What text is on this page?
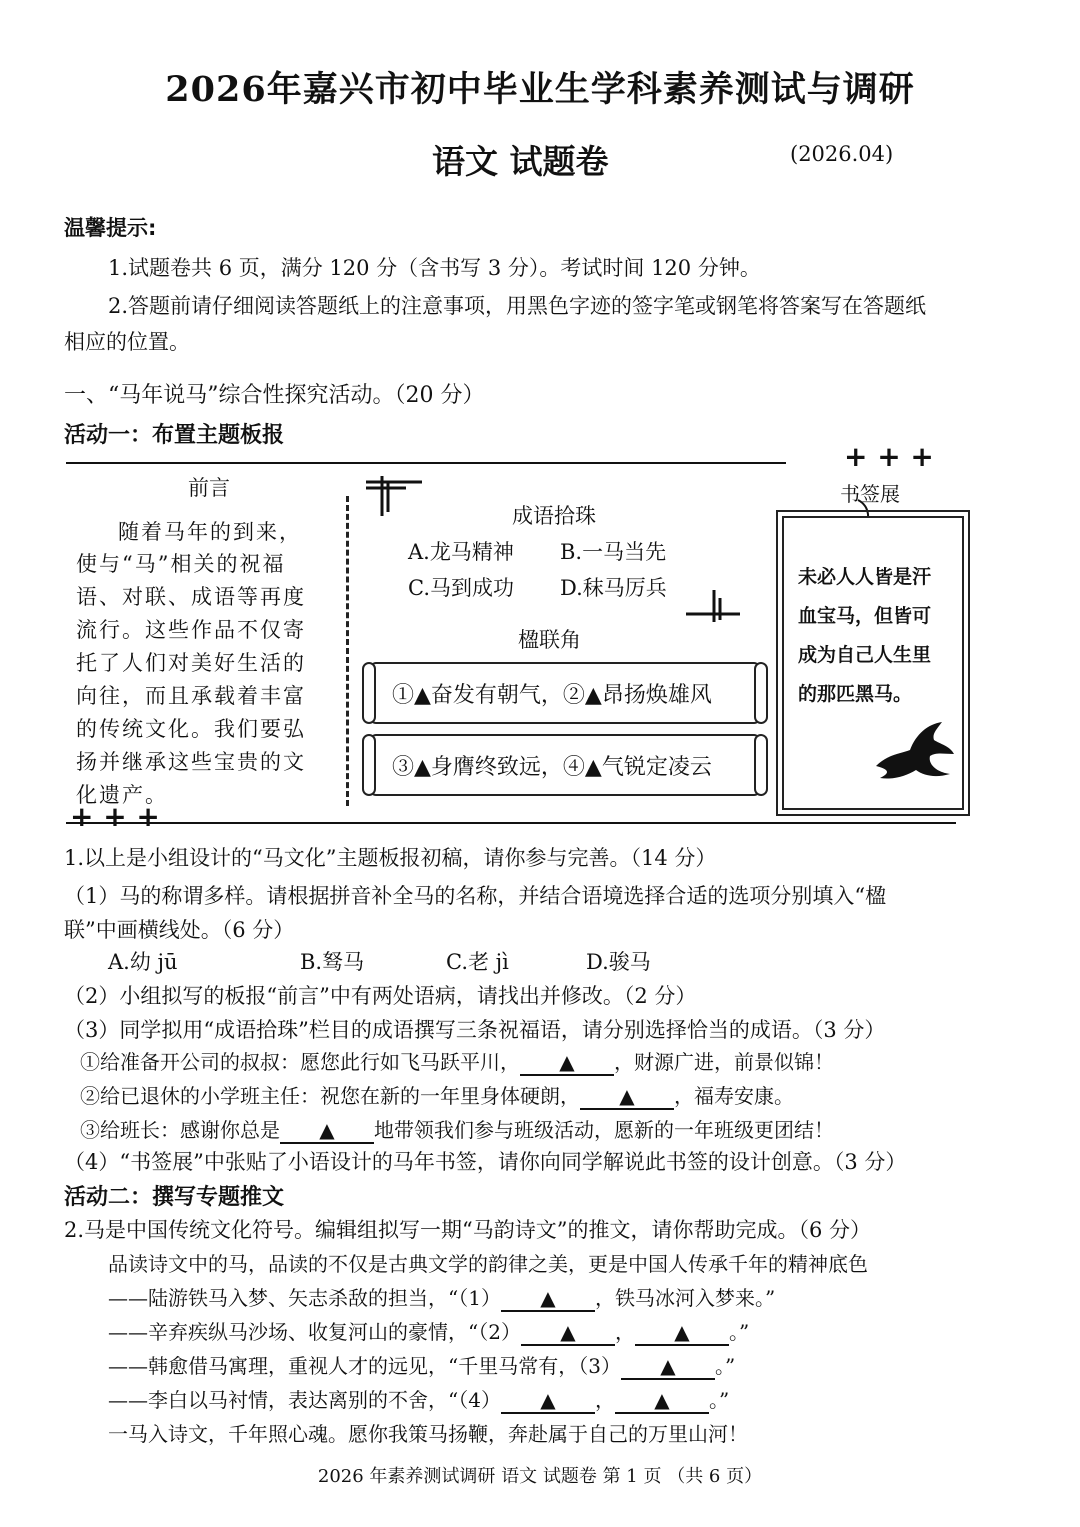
2026年嘉兴市初中毕业生学科素养测试与调研
语文 试题卷	(2026.04)
温馨提示:
1.试题卷共 6 页，满分 120 分（含书写 3 分）。考试时间 120 分钟。
2.答题前请仔细阅读答题纸上的注意事项，用黑色字迹的签字笔或钢笔将答案写在答题纸
相应的位置。
一、“马年说马”综合性探究活动。（20 分）
活动一：布置主题板报
前言
随着马年的到来，
使与“马”相关的祝福
语、对联、成语等再度
流行。这些作品不仅寄
托了人们对美好生活的
向往，而且承载着丰富
的传统文化。我们要弘
扬并继承这些宝贵的文
化遗产。
+ + +
+ + +
成语拾珠
A.龙马精神 B.一马当先
C.马到成功 D.秣马厉兵
楹联角
①▲奋发有朝气，②▲昂扬焕雄风
③▲身膺终致远，④▲气锐定凌云
书签展
未必人人皆是汗血宝马，但皆可成为自己人生里的那匹黑马。
1.以上是小组设计的“马文化”主题板报初稿，请你参与完善。（14 分）
（1）马的称谓多样。请根据拼音补全马的名称，并结合语境选择合适的选项分别填入“楹
联”中画横线处。（6 分）
A.幼 jū	B.驽马	C.老 jì	D.骏马
（2）小组拟写的板报“前言”中有两处语病，请找出并修改。（2 分）
（3）同学拟用“成语拾珠”栏目的成语撰写三条祝福语，请分别选择恰当的成语。（3 分）
①给准备开公司的叔叔：愿您此行如飞马跃平川， ▲ ，财源广进，前景似锦！
②给已退休的小学班主任：祝您在新的一年里身体硬朗， ▲ ，福寿安康。
③给班长：感谢你总是 ▲ 地带领我们参与班级活动，愿新的一年班级更团结！
（4）“书签展”中张贴了小语设计的马年书签，请你向同学解说此书签的设计创意。（3 分）
活动二：撰写专题推文
2.马是中国传统文化符号。编辑组拟写一期“马韵诗文”的推文，请你帮助完成。（6 分）
品读诗文中的马，品读的不仅是古典文学的韵律之美，更是中国人传承千年的精神底色
——陆游铁马入梦、矢志杀敌的担当，“（1） ▲ ，铁马冰河入梦来。”
——辛弃疾纵马沙场、收复河山的豪情，“（2） ▲ ， ▲ 。”
——韩愈借马寓理，重视人才的远见，“千里马常有，（3） ▲ 。”
——李白以马衬情，表达离别的不舍，“（4） ▲ ， ▲ 。”
一马入诗文，千年照心魂。愿你我策马扬鞭，奔赴属于自己的万里山河！
2026 年素养测试调研 语文 试题卷 第 1 页 （共 6 页）
